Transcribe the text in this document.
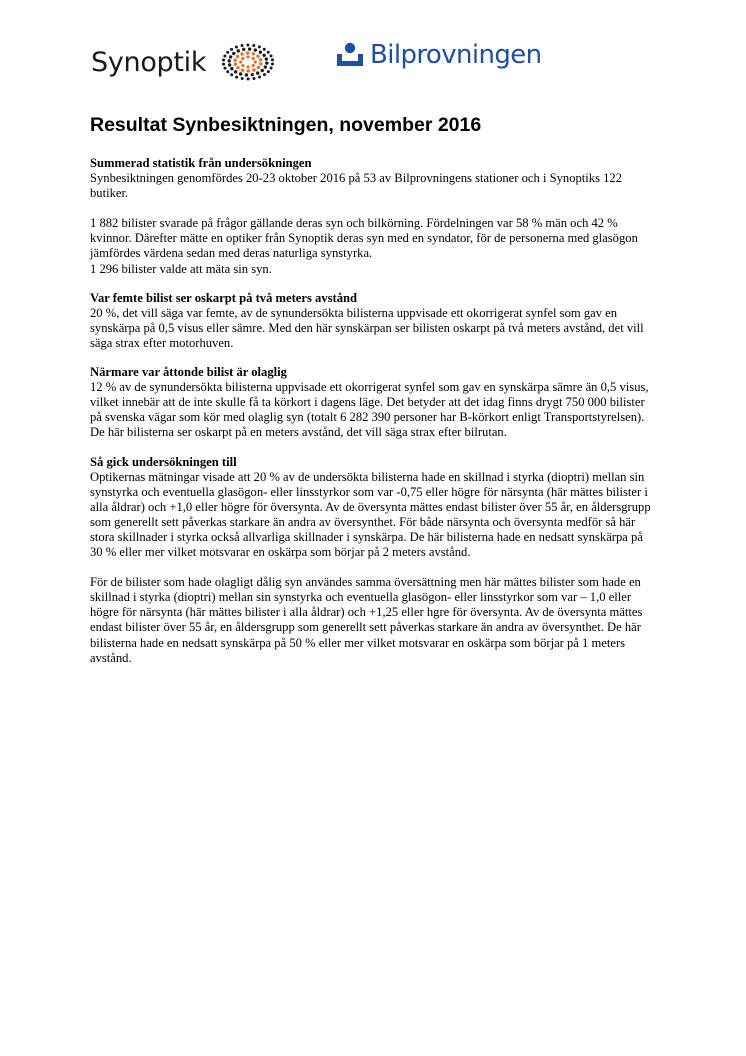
Synoptik	Bilprovningen
Resultat Synbesiktningen, november 2016
Summerad statistik från undersökningen

Synbesiktningen genomfördes 20-23 oktober 2016 på 53 av Bilprovningens stationer och i Synoptiks 122 butiker.

1 882 bilister svarade på frågor gällande deras syn och bilkörning. Fördelningen var 58 % män och 42 % kvinnor. Därefter mätte en optiker från Synoptik deras syn med en syndator, för de personerna med glasögon jämfördes värdena sedan med deras naturliga synstyrka.

1 296 bilister valde att mäta sin syn.

Var femte bilist ser oskarpt på två meters avstånd

20 %, det vill säga var femte, av de synundersökta bilisterna uppvisade ett okorrigerat synfel som gav en synskärpa på 0,5 visus eller sämre. Med den här synskärpan ser bilisten oskarpt på två meters avstånd, det vill säga strax efter motorhuven.

Närmare var åttonde bilist är olaglig

12 % av de synundersökta bilisterna uppvisade ett okorrigerat synfel som gav en synskärpa sämre än 0,5 visus, vilket innebär att de inte skulle få ta körkort i dagens läge. Det betyder att det idag finns drygt 750 000 bilister på svenska vägar som kör med olaglig syn (totalt 6 282 390 personer har B-körkort enligt Transportstyrelsen). De här bilisterna ser oskarpt på en meters avstånd, det vill säga strax efter bilrutan.

Så gick undersökningen till

Optikernas mätningar visade att 20 % av de undersökta bilisterna hade en skillnad i styrka (dioptri) mellan sin synstyrka och eventuella glasögon- eller linsstyrkor som var -0,75 eller högre för närsynta (här mättes bilister i alla åldrar) och +1,0 eller högre för översynta. Av de översynta mättes endast bilister över 55 år, en åldersgrupp som generellt sett påverkas starkare än andra av översynthet. För både närsynta och översynta medför så här stora skillnader i styrka också allvarliga skillnader i synskärpa. De här bilisterna hade en nedsatt synskärpa på 30 % eller mer vilket motsvarar en oskärpa som börjar på 2 meters avstånd.

För de bilister som hade olagligt dålig syn användes samma översättning men här mättes bilister som hade en skillnad i styrka (dioptri) mellan sin synstyrka och eventuella glasögon- eller linsstyrkor som var – 1,0 eller högre för närsynta (här mättes bilister i alla åldrar) och +1,25 eller hgre för översynta. Av de översynta mättes endast bilister över 55 år, en åldersgrupp som generellt sett påverkas starkare än andra av översynthet. De här bilisterna hade en nedsatt synskärpa på 50 % eller mer vilket motsvarar en oskärpa som börjar på 1 meters avstånd.
